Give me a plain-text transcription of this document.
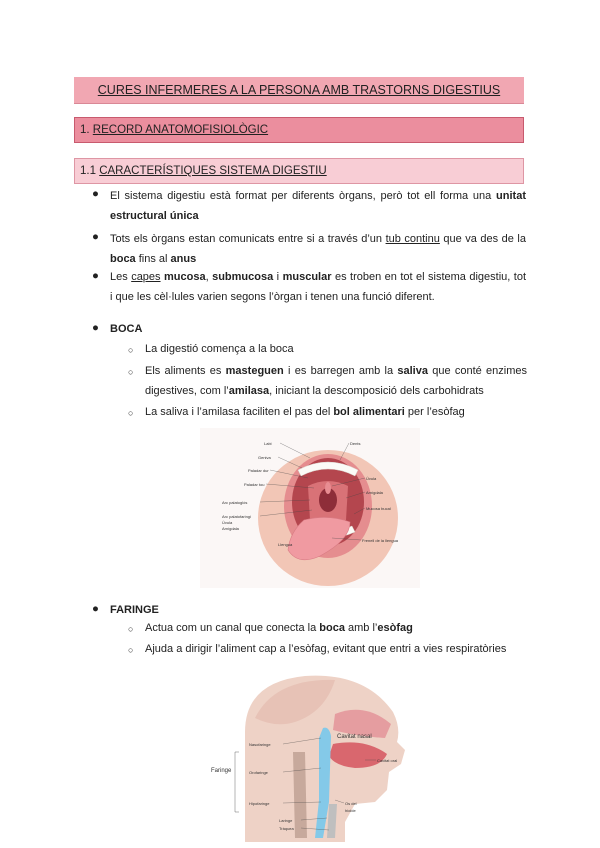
CURES INFERMERES A LA PERSONA AMB TRASTORNS DIGESTIUS
1.
RECORD ANATOMOFISIOLÒGIC
1.1
CARACTERÍSTIQUES SISTEMA DIGESTIU
● El sistema digestiu està format per diferents òrgans, però tot ell forma una unitat estructural única
● Tots els òrgans estan comunicats entre si a través d’un tub continu que va des de la boca fins al anus
● Les capes mucosa, submucosa i muscular es troben en tot el sistema digestiu, tot i que les cèl·lules varien segons l’òrgan i tenen una funció diferent.
● BOCA
○ La digestió comença a la boca
○ Els aliments es masteguen i es barregen amb la saliva que conté enzimes digestives, com l’amilasa, iniciant la descomposició dels carbohidrats
○ La saliva i l’amilasa faciliten el pas del bol alimentari per l’esòfag
Labi
Geniva
Paladar dur
Paladar tou
Arc palatoglòs
Arc palatofaringi
Úvula
Amígdala
Llengua
Dents
Úvula
Amígdala
Mucosa bucal
Frenell de la llengua
● FARINGE
○ Actua com un canal que conecta la boca amb l’esòfag
○ Ajuda a dirigir l’aliment cap a l’esòfag, evitant que entri a vies respiratòries
Faringe
Nasofaringe
Orofaringe
Hipofaringe
Laringe
Tràquea
Cavitat nasal
Cavitat oral
Os del
hioide
